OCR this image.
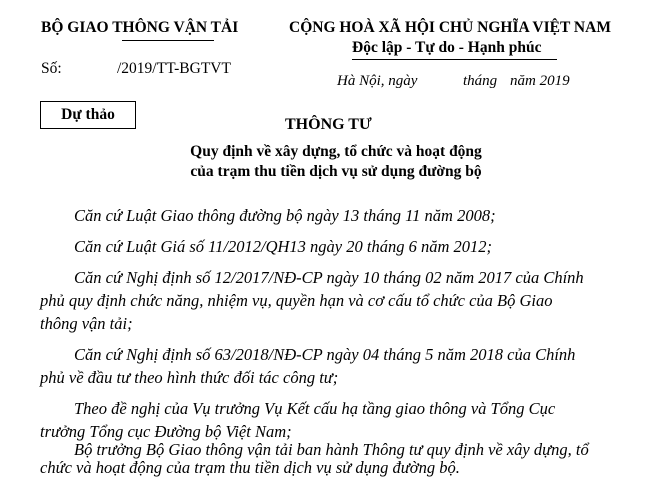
BỘ GIAO THÔNG VẬN TẢI
Số:	/2019/TT-BGTVT
CỘNG HOÀ XÃ HỘI CHỦ NGHĨA VIỆT NAM
Độc lập - Tự do - Hạnh phúc
Hà Nội, ngày	tháng năm 2019
Dự thảo
THÔNG TƯ
Quy định về xây dựng, tổ chức và hoạt động
của trạm thu tiền dịch vụ sử dụng đường bộ
Căn cứ Luật Giao thông đường bộ ngày 13 tháng 11 năm 2008;
Căn cứ Luật Giá số 11/2012/QH13 ngày 20 tháng 6 năm 2012;
Căn cứ Nghị định số 12/2017/NĐ-CP ngày 10 tháng 02 năm 2017 của Chính
phủ quy định chức năng, nhiệm vụ, quyền hạn và cơ cấu tổ chức của Bộ Giao
thông vận tải;
Căn cứ Nghị định số 63/2018/NĐ-CP ngày 04 tháng 5 năm 2018 của Chính
phủ về đầu tư theo hình thức đối tác công tư;
Theo đề nghị của Vụ trưởng Vụ Kết cấu hạ tầng giao thông và Tổng Cục
trưởng Tổng cục Đường bộ Việt Nam;
Bộ trưởng Bộ Giao thông vận tải ban hành Thông tư quy định về xây dựng, tổ
chức và hoạt động của trạm thu tiền dịch vụ sử dụng đường bộ.
